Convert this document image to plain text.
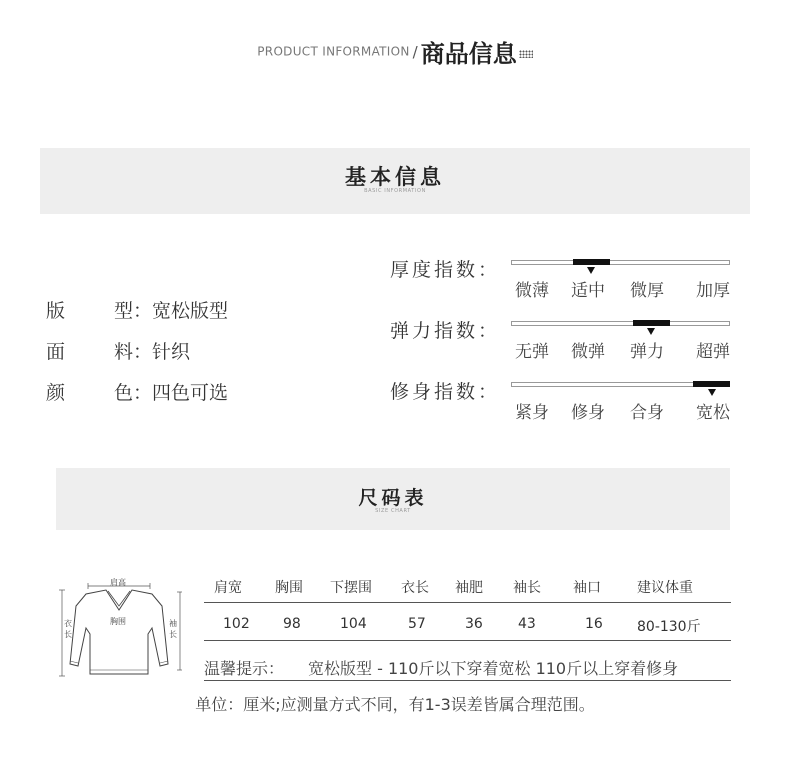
PRODUCT INFORMATION / 商品信息
基本信息
BASIC INFORMATION
版	型：宽松版型
面	料：针织
颜	色：四色可选
厚度指数：
微薄 适中 微厚 加厚
弹力指数：
无弹 微弹 弹力 超弹
修身指数：
紧身 修身 合身 宽松
尺码表
SIZE CHART
肩高
胸围
衣
长
袖
长
肩宽 胸围 下摆围 衣长 袖肥 袖长 袖口	建议体重
102 98	104	57	36	43	16 80-130斤
温馨提示： 宽松版型 - 110斤以下穿着宽松 110斤以上穿着修身
单位：厘米;应测量方式不同，有1-3误差皆属合理范围。
